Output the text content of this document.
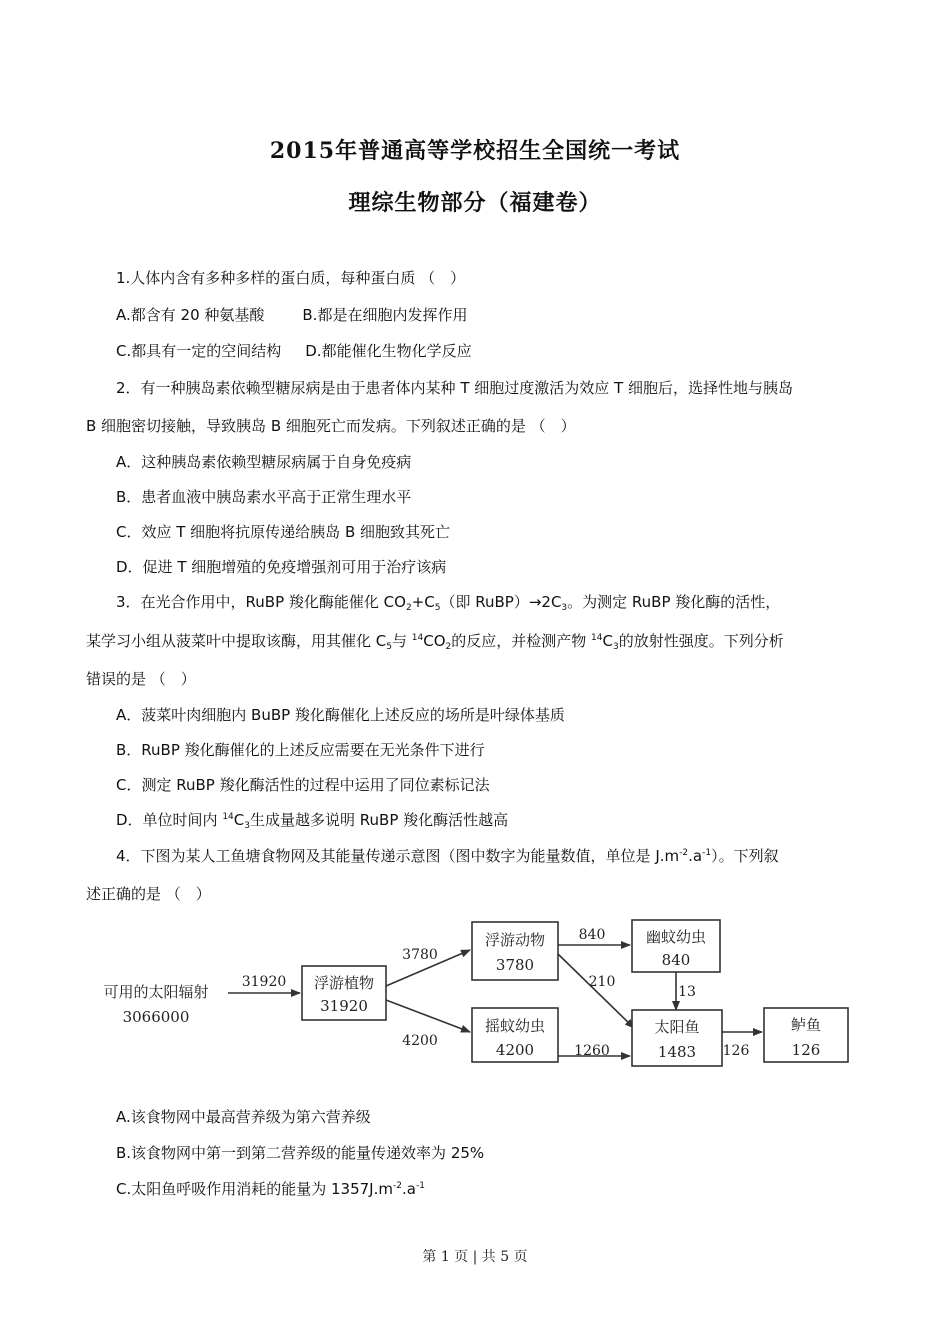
2015年普通高等学校招生全国统一考试
理综生物部分（福建卷）
1.人体内含有多种多样的蛋白质，每种蛋白质 （　）
A.都含有 20 种氨基酸	B.都是在细胞内发挥作用
C.都具有一定的空间结构 D.都能催化生物化学反应
2．有一种胰岛素依赖型糖尿病是由于患者体内某种 T 细胞过度激活为效应 T 细胞后，选择性地与胰岛
B 细胞密切接触，导致胰岛 B 细胞死亡而发病。下列叙述正确的是 （　）
A．这种胰岛素依赖型糖尿病属于自身免疫病
B．患者血液中胰岛素水平高于正常生理水平
C．效应 T 细胞将抗原传递给胰岛 B 细胞致其死亡
D．促进 T 细胞增殖的免疫增强剂可用于治疗该病
3．在光合作用中，RuBP 羧化酶能催化 $CO_2+C_5$（即 $RuBP)\to 2C_3$。为测定 RuBP 羧化酶的活性，
某学习小组从菠菜叶中提取该酶，用其催化 $C_5$与 $^{14}CO_2$的反应，并检测产物 $^{14}C_3$的放射性强度。下列分析
错误的是 （　）
A．菠菜叶肉细胞内 BuBP 羧化酶催化上述反应的场所是叶绿体基质
B．RuBP 羧化酶催化的上述反应需要在无光条件下进行
C．测定 RuBP 羧化酶活性的过程中运用了同位素标记法
D．单位时间内 $^{14}C_3$生成量越多说明 RuBP 羧化酶活性越高
4．下图为某人工鱼塘食物网及其能量传递示意图（图中数字为能量数值，单位是 $J.m^{-2}.a^{-1}$）。下列叙
述正确的是 （　）
可用的太阳辐射
3066000
31920
3780
4200
840
210
13
1260	126
浮游植物
31920
浮游动物
3780
摇蚊幼虫
4200
幽蚊幼虫
840
太阳鱼
1483
鲈鱼
126
A.该食物网中最高营养级为第六营养级
B.该食物网中第一到第二营养级的能量传递效率为 25%
C.太阳鱼呼吸作用消耗的能量为 $1357J.m^{-2}.a^{-1}$
第 1 页 | 共 5 页
